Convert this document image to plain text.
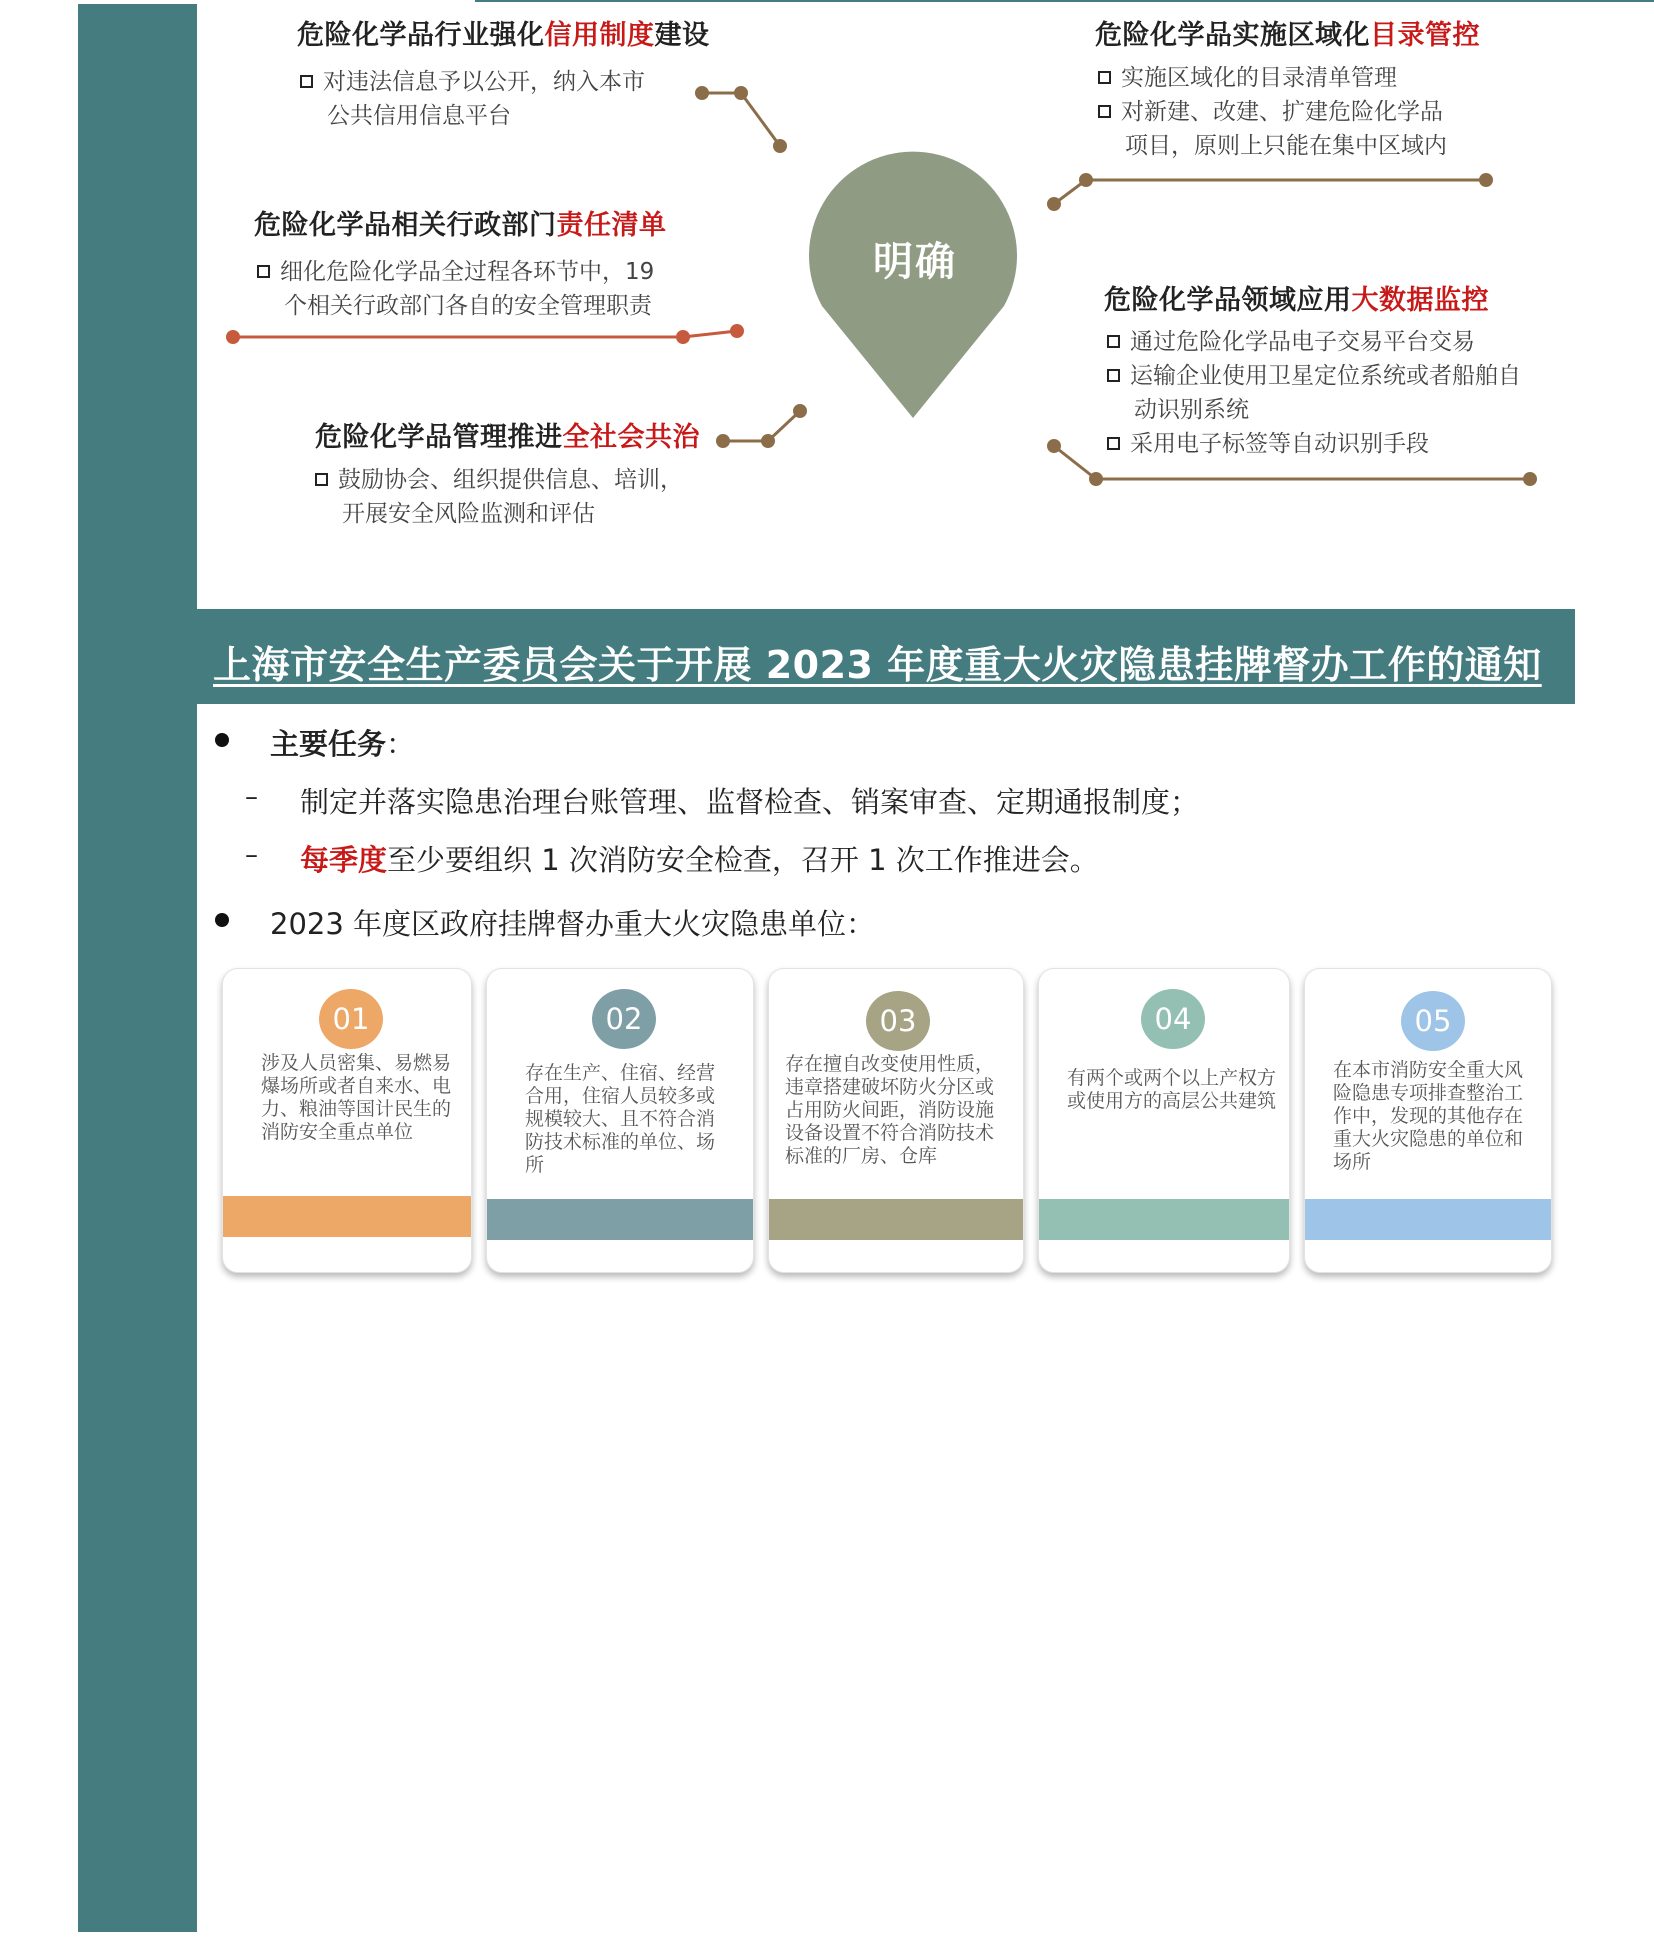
明确
危险化学品行业强化信用制度建设
对违法信息予以公开，纳入本市
公共信用信息平台
危险化学品相关行政部门责任清单
细化危险化学品全过程各环节中，19
个相关行政部门各自的安全管理职责
危险化学品管理推进全社会共治
鼓励协会、组织提供信息、培训，
开展安全风险监测和评估
危险化学品实施区域化目录管控
实施区域化的目录清单管理
对新建、改建、扩建危险化学品
项目，原则上只能在集中区域内
危险化学品领域应用大数据监控
通过危险化学品电子交易平台交易
运输企业使用卫星定位系统或者船舶自
动识别系统
采用电子标签等自动识别手段
上海市安全生产委员会关于开展 2023 年度重大火灾隐患挂牌督办工作的通知
主要任务：
– 制定并落实隐患治理台账管理、监督检查、销案审查、定期通报制度；
– 每季度至少要组织 1 次消防安全检查，召开 1 次工作推进会。
2023 年度区政府挂牌督办重大火灾隐患单位：
01
涉及人员密集、易燃易爆场所或者自来水、电力、粮油等国计民生的消防安全重点单位
02
存在生产、住宿、经营合用，住宿人员较多或规模较大、且不符合消防技术标准的单位、场所
03
存在擅自改变使用性质，违章搭建破坏防火分区或占用防火间距，消防设施设备设置不符合消防技术标准的厂房、仓库
04
有两个或两个以上产权方或使用方的高层公共建筑
05
在本市消防安全重大风险隐患专项排查整治工作中，发现的其他存在重大火灾隐患的单位和场所
